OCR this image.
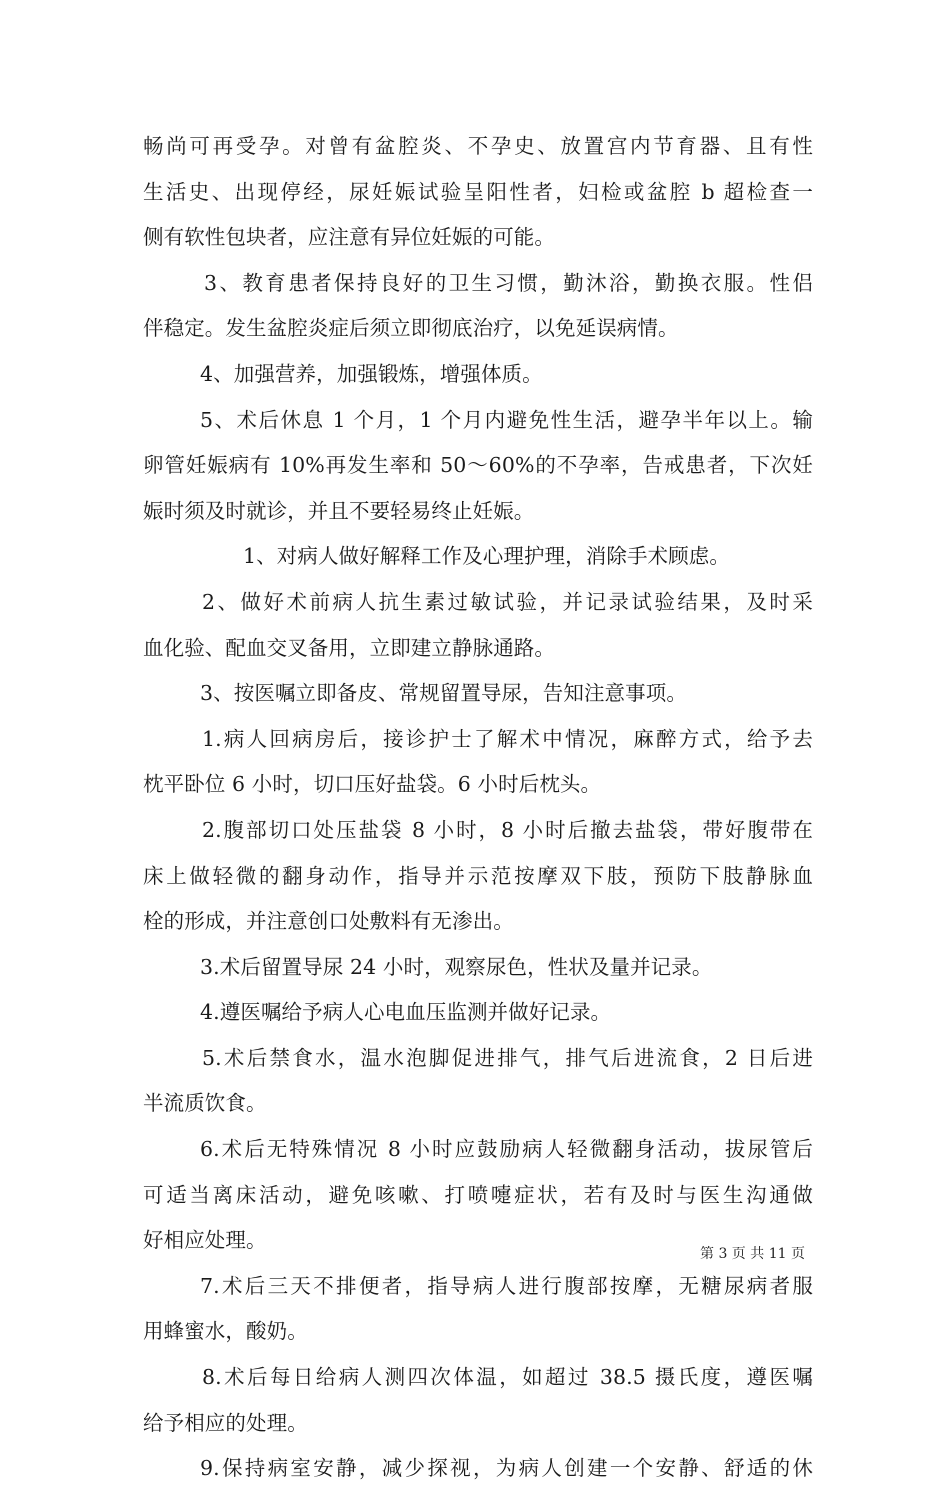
畅尚可再受孕。对曾有盆腔炎、不孕史、放置宫内节育器、且有性
生活史、出现停经，尿妊娠试验呈阳性者，妇检或盆腔 b 超检查一
侧有软性包块者，应注意有异位妊娠的可能。
3、教育患者保持良好的卫生习惯，勤沐浴，勤换衣服。性侣
伴稳定。发生盆腔炎症后须立即彻底治疗，以免延误病情。
4、加强营养，加强锻炼，增强体质。
5、术后休息 1 个月，1 个月内避免性生活，避孕半年以上。输
卵管妊娠病有 10%再发生率和 50～60%的不孕率，告戒患者，下次妊
娠时须及时就诊，并且不要轻易终止妊娠。
1、对病人做好解释工作及心理护理，消除手术顾虑。
2、做好术前病人抗生素过敏试验，并记录试验结果，及时采
血化验、配血交叉备用，立即建立静脉通路。
3、按医嘱立即备皮、常规留置导尿，告知注意事项。
1.病人回病房后，接诊护士了解术中情况，麻醉方式，给予去
枕平卧位 6 小时，切口压好盐袋。6 小时后枕头。
2.腹部切口处压盐袋 8 小时，8 小时后撤去盐袋，带好腹带在
床上做轻微的翻身动作，指导并示范按摩双下肢，预防下肢静脉血
栓的形成，并注意创口处敷料有无渗出。
3.术后留置导尿 24 小时，观察尿色，性状及量并记录。
4.遵医嘱给予病人心电血压监测并做好记录。
5.术后禁食水，温水泡脚促进排气，排气后进流食，2 日后进
半流质饮食。
6.术后无特殊情况 8 小时应鼓励病人轻微翻身活动，拔尿管后
可适当离床活动，避免咳嗽、打喷嚏症状，若有及时与医生沟通做
好相应处理。
7.术后三天不排便者，指导病人进行腹部按摩，无糖尿病者服
用蜂蜜水，酸奶。
8.术后每日给病人测四次体温，如超过 38.5 摄氏度，遵医嘱
给予相应的处理。
9.保持病室安静，减少探视，为病人创建一个安静、舒适的休
第 3 页 共 11 页
